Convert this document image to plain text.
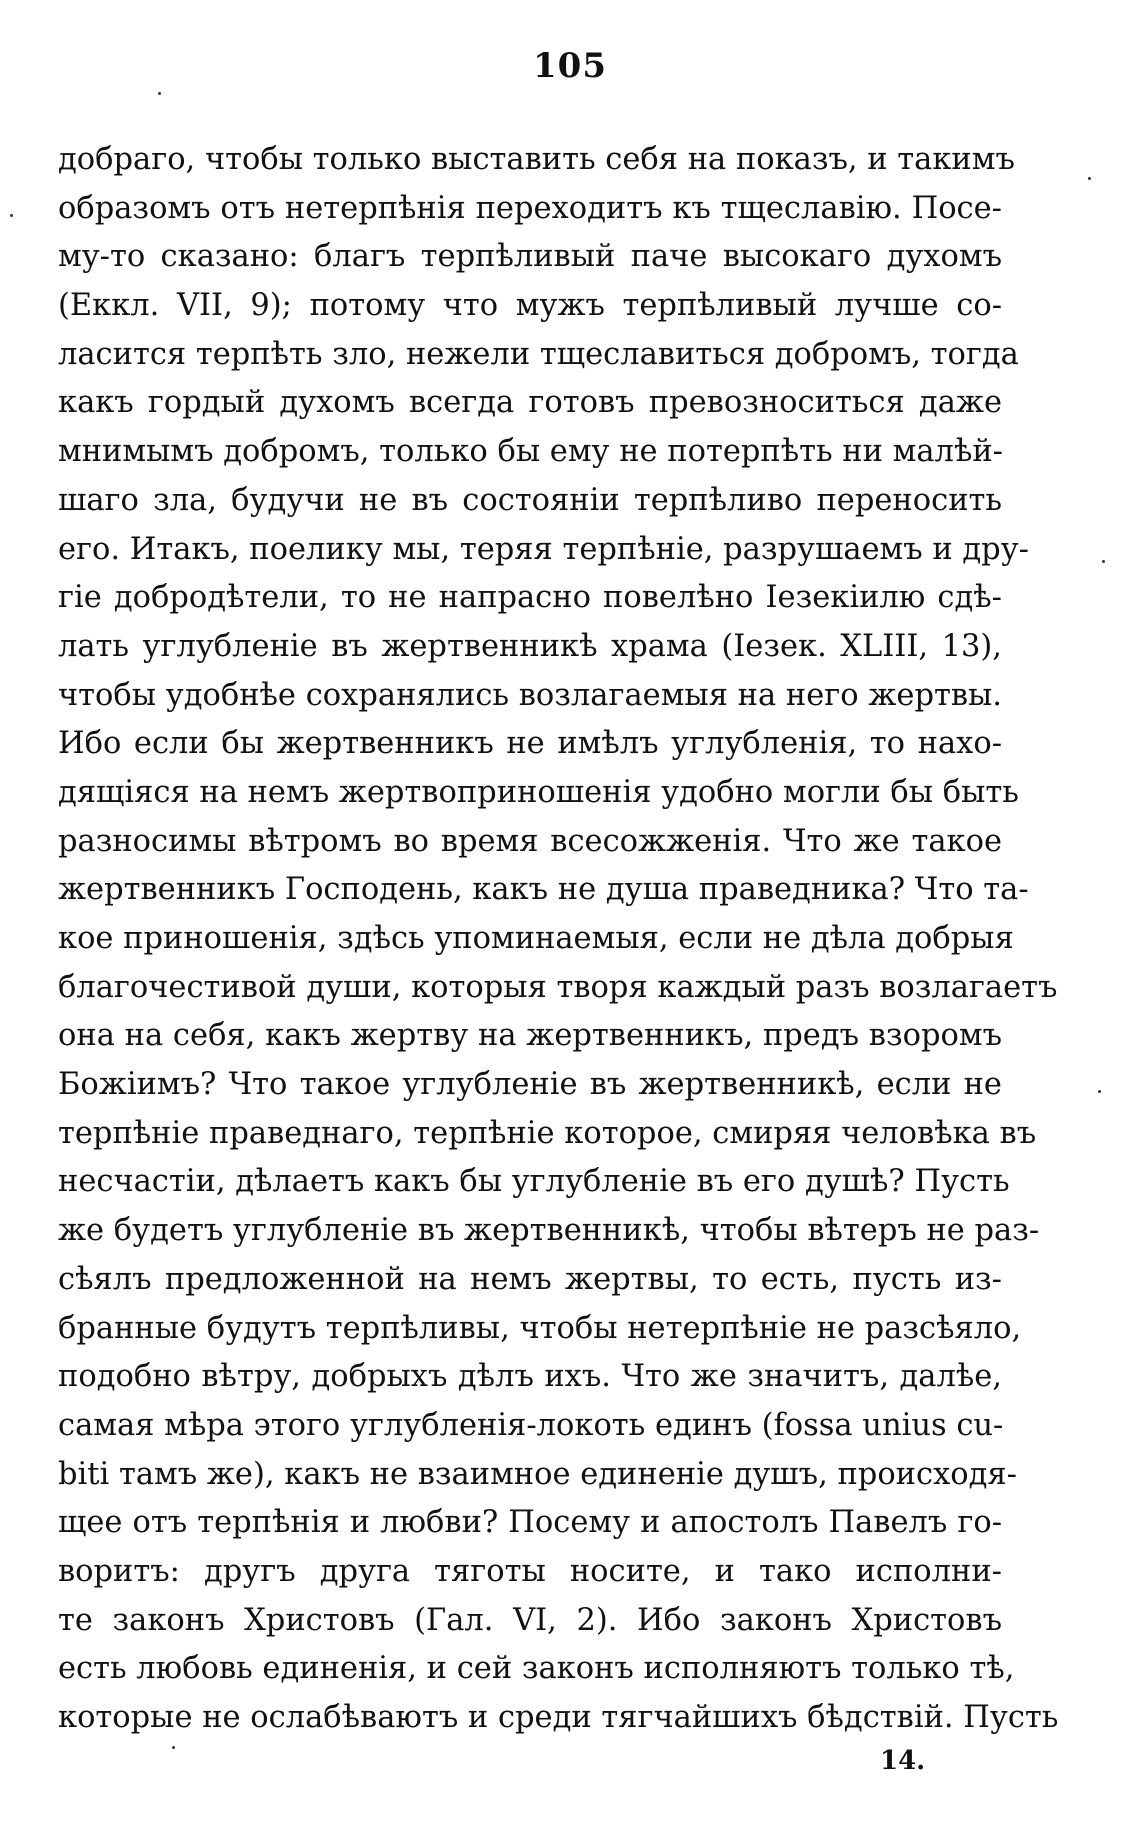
105
добраго, чтобы только выставить себя на показъ, и такимъ
образомъ отъ нетерпѣнія переходитъ къ тщеславію. Посе-
му-то сказано: благъ терпѣливый паче высокаго духомъ
(Еккл. VII, 9); потому что мужъ терпѣливый лучше со-
ласится терпѣть зло, нежели тщеславиться добромъ, тогда
какъ гордый духомъ всегда готовъ превозноситься даже
мнимымъ добромъ, только бы ему не потерпѣть ни малѣй-
шаго зла, будучи не въ состояніи терпѣливо переносить
его. Итакъ, поелику мы, теряя терпѣніе, разрушаемъ и дру-
гіе добродѣтели, то не напрасно повелѣно Іезекіилю сдѣ-
лать углубленіе въ жертвенникѣ храма (Іезек. XLIII, 13),
чтобы удобнѣе сохранялись возлагаемыя на него жертвы.
Ибо если бы жертвенникъ не имѣлъ углубленія, то нахо-
дящіяся на немъ жертвоприношенія удобно могли бы быть
разносимы вѣтромъ во время всесожженія. Что же такое
жертвенникъ Господень, какъ не душа праведника? Что та-
кое приношенія, здѣсь упоминаемыя, если не дѣла добрыя
благочестивой души, которыя творя каждый разъ возлагаетъ
она на себя, какъ жертву на жертвенникъ, предъ взоромъ
Божіимъ? Что такое углубленіе въ жертвенникѣ, если не
терпѣніе праведнаго, терпѣніе которое, смиряя человѣка въ
несчастіи, дѣлаетъ какъ бы углубленіе въ его душѣ? Пусть
же будетъ углубленіе въ жертвенникѣ, чтобы вѣтеръ не раз-
сѣялъ предложенной на немъ жертвы, то есть, пусть из-
бранные будутъ терпѣливы, чтобы нетерпѣніе не разсѣяло,
подобно вѣтру, добрыхъ дѣлъ ихъ. Что же значитъ, далѣе,
самая мѣра этого углубленія-локоть единъ (fossa unius cu-
biti тамъ же), какъ не взаимное единеніе душъ, происходя-
щее отъ терпѣнія и любви? Посему и апостолъ Павелъ го-
воритъ: другъ друга тяготы носите, и тако исполни-
те законъ Христовъ (Гал. VI, 2). Ибо законъ Христовъ
есть любовь единенія, и сей законъ исполняютъ только тѣ,
которые не ослабѣваютъ и среди тягчайшихъ бѣдствій. Пусть
14.
